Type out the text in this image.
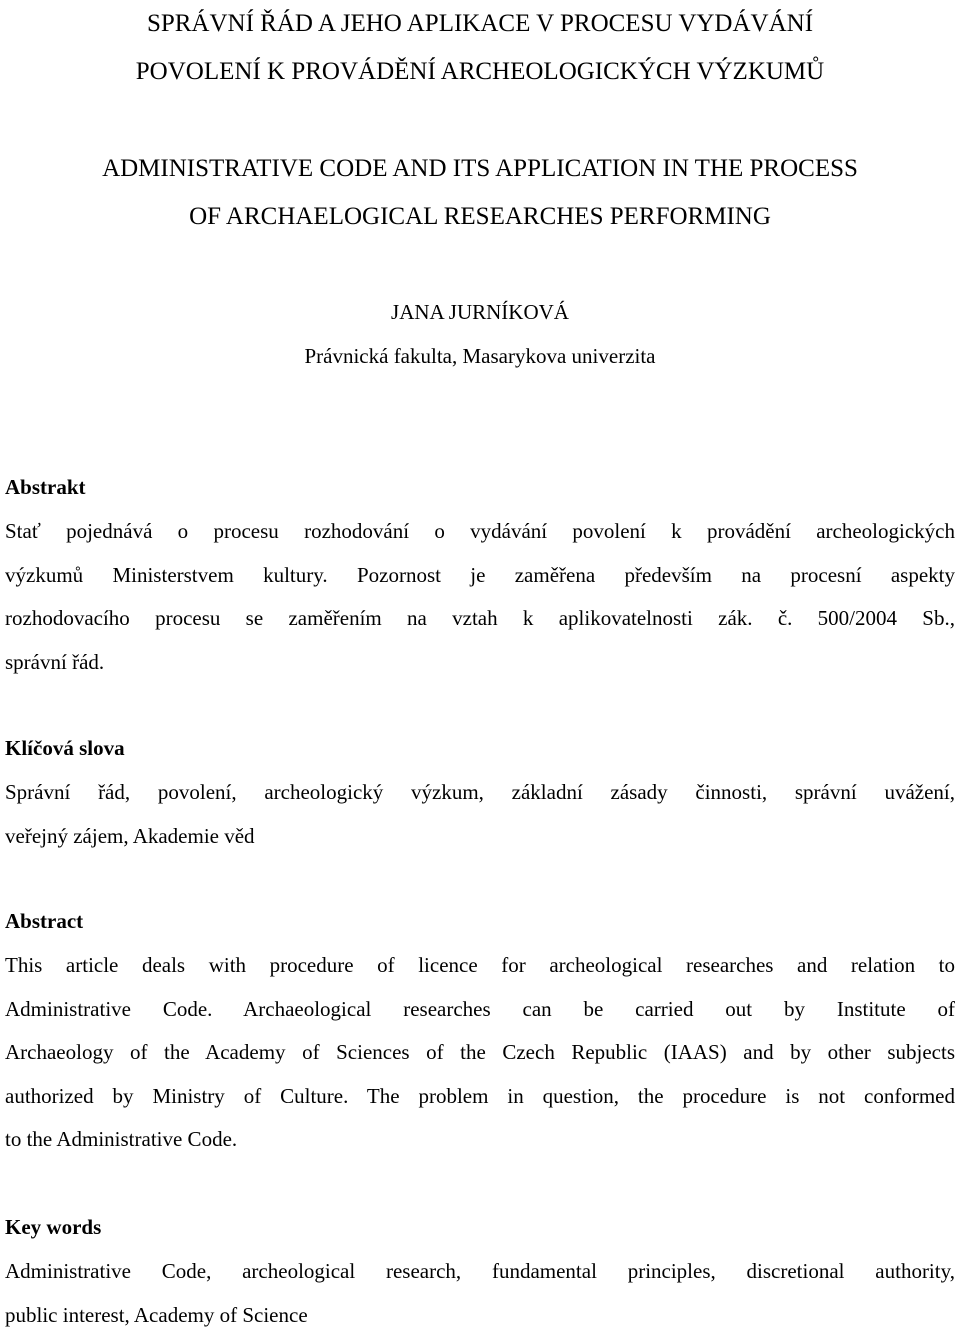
SPRÁVNÍ ŘÁD A JEHO APLIKACE V PROCESU VYDÁVÁNÍ
POVOLENÍ K PROVÁDĚNÍ ARCHEOLOGICKÝCH VÝZKUMŮ
ADMINISTRATIVE CODE AND ITS APPLICATION IN THE PROCESS
OF ARCHAELOGICAL RESEARCHES PERFORMING
JANA JURNÍKOVÁ
Právnická fakulta, Masarykova univerzita
Abstrakt
Stať pojednává o procesu rozhodování o vydávání povolení k provádění archeologických
výzkumů Ministerstvem kultury. Pozornost je zaměřena především na procesní aspekty
rozhodovacího procesu se zaměřením na vztah k aplikovatelnosti zák. č. 500/2004 Sb.,
správní řád.
Klíčová slova
Správní řád, povolení, archeologický výzkum, základní zásady činnosti, správní uvážení,
veřejný zájem, Akademie věd
Abstract
This article deals with procedure of licence for archeological researches and relation to
Administrative Code. Archaeological researches can be carried out by Institute of
Archaeology of the Academy of Sciences of the Czech Republic (IAAS) and by other subjects
authorized by Ministry of Culture. The problem in question, the procedure is not conformed
to the Administrative Code.
Key words
Administrative Code, archeological research, fundamental principles, discretional authority,
public interest, Academy of Science
